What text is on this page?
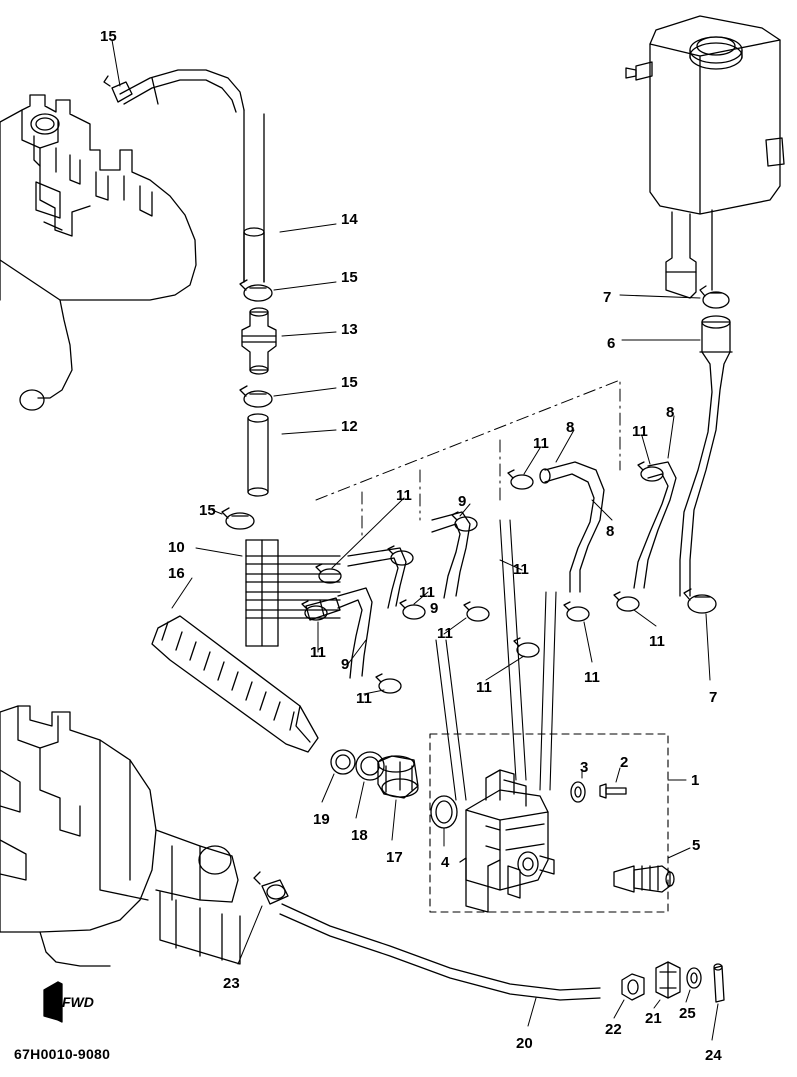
15
14
15
13
15
12
7
6
8
8
11
11
11	9
8
15
10
16	11
11
9
11
11
9
11
11
11
11
7
3 2
1
5
19
18
17	4
23
20
22
21 25
24
FWD
67H0010-9080
